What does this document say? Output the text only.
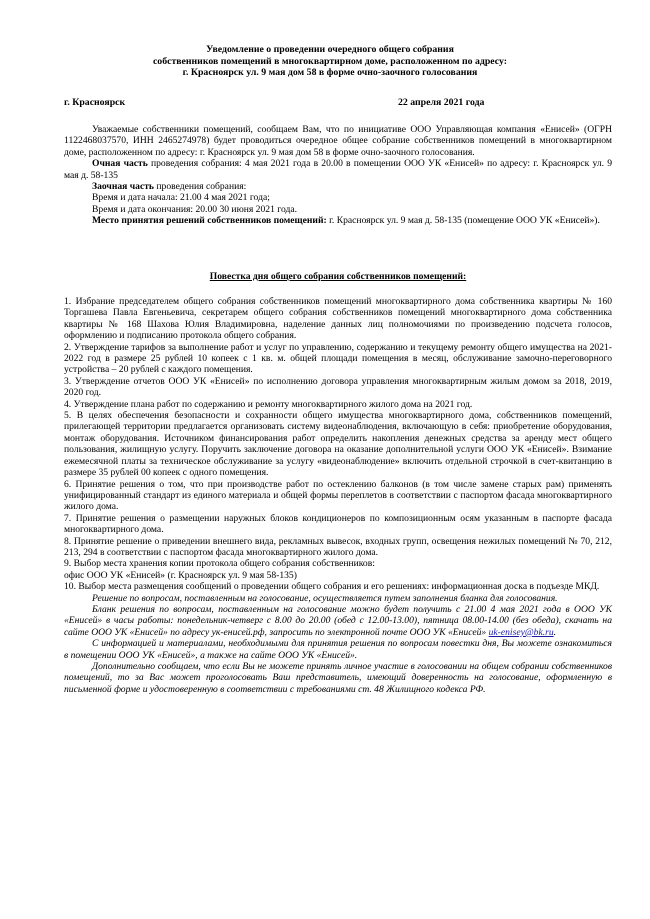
Уведомление о проведении очередного общего собрания
собственников помещений в многоквартирном доме, расположенном по адресу:
г. Красноярск ул. 9 мая дом 58 в форме очно-заочного голосования
г. Красноярск	22 апреля 2021 года

Уважаемые собственники помещений, сообщаем Вам, что по инициативе ООО Управляющая компания «Енисей» (ОГРН 1122468037570, ИНН 2465274978) будет проводиться очередное общее собрание собственников помещений в многоквартирном доме, расположенном по адресу: г. Красноярск ул. 9 мая дом 58 в форме очно-заочного голосования.

Очная часть проведения собрания: 4 мая 2021 года в 20.00 в помещении ООО УК «Енисей» по адресу: г. Красноярск ул. 9 мая д. 58-135

Заочная часть проведения собрания:

Время и дата начала: 21.00 4 мая 2021 года;

Время и дата окончания: 20.00 30 июня 2021 года.

Место принятия решений собственников помещений: г. Красноярск ул. 9 мая д. 58-135 (помещение ООО УК «Енисей»).

Повестка дня общего собрания собственников помещений:

1. Избрание председателем общего собрания собственников помещений многоквартирного дома собственника квартиры № 160 Торгашева Павла Евгеньевича, секретарем общего собрания собственников помещений многоквартирного дома собственника квартиры № 168 Шахова Юлия Владимировна, наделение данных лиц полномочиями по произведению подсчета голосов, оформлению и подписанию протокола общего собрания.

2. Утверждение тарифов за выполнение работ и услуг по управлению, содержанию и текущему ремонту общего имущества на 2021-2022 год в размере 25 рублей 10 копеек с 1 кв. м. общей площади помещения в месяц, обслуживание замочно-переговорного устройства – 20 рублей с каждого помещения.

3. Утверждение отчетов ООО УК «Енисей» по исполнению договора управления многоквартирным жилым домом за 2018, 2019, 2020 год.

4. Утверждение плана работ по содержанию и ремонту многоквартирного жилого дома на 2021 год.

5. В целях обеспечения безопасности и сохранности общего имущества многоквартирного дома, собственников помещений, прилегающей территории предлагается организовать систему видеонаблюдения, включающую в себя: приобретение оборудования, монтаж оборудования. Источником финансирования работ определить накопления денежных средства за аренду мест общего пользования, жилищную услугу. Поручить заключение договора на оказание дополнительной услуги ООО УК «Енисей». Взимание ежемесячной платы за техническое обслуживание за услугу «видеонаблюдение» включить отдельной строчкой в счет-квитанцию в размере 35 рублей 00 копеек с одного помещения.

6. Принятие решения о том, что при производстве работ по остеклению балконов (в том числе замене старых рам) применять унифицированный стандарт из единого материала и общей формы переплетов в соответствии с паспортом фасада многоквартирного жилого дома.

7. Принятие решения о размещении наружных блоков кондиционеров по композиционным осям указанным в паспорте фасада многоквартирного дома.

8. Принятие решение о приведении внешнего вида, рекламных вывесок, входных групп, освещения нежилых помещений № 70, 212, 213, 294 в соответствии с паспортом фасада многоквартирного жилого дома.

9. Выбор места хранения копии протокола общего собрания собственников:

офис ООО УК «Енисей» (г. Красноярск ул. 9 мая 58-135)

10. Выбор места размещения сообщений о проведении общего собрания и его решениях: информационная доска в подъезде МКД.

Решение по вопросам, поставленным на голосование, осуществляется путем заполнения бланка для голосования.

Бланк решения по вопросам, поставленным на голосование можно будет получить с 21.00 4 мая 2021 года в ООО УК «Енисей» в часы работы: понедельник-четверг с 8.00 до 20.00 (обед с 12.00-13.00), пятница 08.00-14.00 (без обеда), скачать на сайте ООО УК «Енисей» по адресу ук-енисей.рф, запросить по электронной почте ООО УК «Енисей» uk-enisey@bk.ru.

С информацией и материалами, необходимыми для принятия решения по вопросам повестки дня, Вы можете ознакомиться в помещении ООО УК «Енисей», а также на сайте ООО УК «Енисей».

Дополнительно сообщаем, что если Вы не можете принять личное участие в голосовании на общем собрании собственников помещений, то за Вас может проголосовать Ваш представитель, имеющий доверенность на голосование, оформленную в письменной форме и удостоверенную в соответствии с требованиями ст. 48 Жилищного кодекса РФ.
